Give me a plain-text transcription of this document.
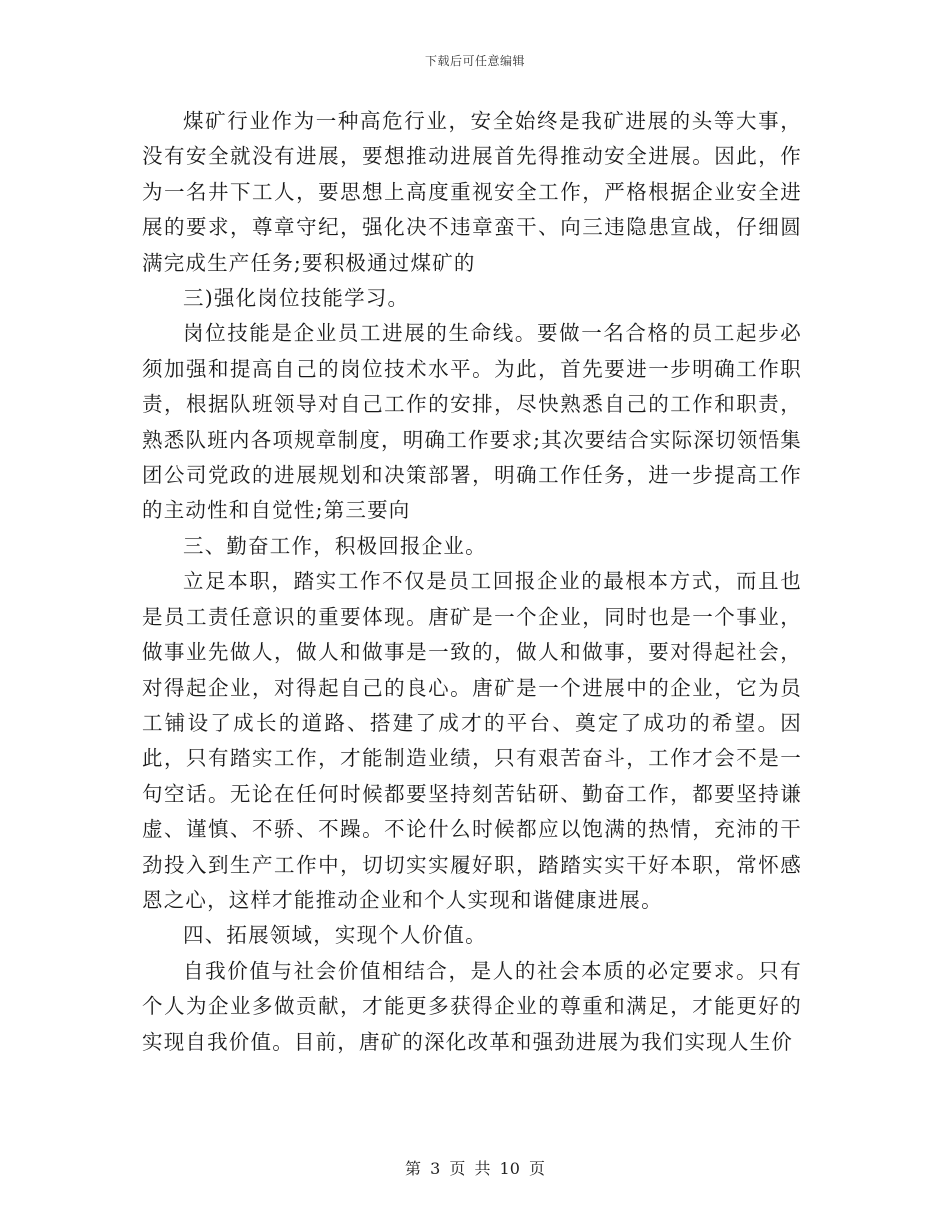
下载后可任意编辑

煤矿行业作为一种高危行业，安全始终是我矿进展的头等大事，没有安全就没有进展，要想推动进展首先得推动安全进展。因此，作为一名井下工人，要思想上高度重视安全工作，严格根据企业安全进展的要求，尊章守纪，强化决不违章蛮干、向三违隐患宣战，仔细圆满完成生产任务;要积极通过煤矿的

三)强化岗位技能学习。

岗位技能是企业员工进展的生命线。要做一名合格的员工起步必须加强和提高自己的岗位技术水平。为此，首先要进一步明确工作职责，根据队班领导对自己工作的安排，尽快熟悉自己的工作和职责，熟悉队班内各项规章制度，明确工作要求;其次要结合实际深切领悟集团公司党政的进展规划和决策部署，明确工作任务，进一步提高工作的主动性和自觉性;第三要向

三、勤奋工作，积极回报企业。

立足本职，踏实工作不仅是员工回报企业的最根本方式，而且也是员工责任意识的重要体现。唐矿是一个企业，同时也是一个事业，做事业先做人，做人和做事是一致的，做人和做事，要对得起社会，对得起企业，对得起自己的良心。唐矿是一个进展中的企业，它为员工铺设了成长的道路、搭建了成才的平台、奠定了成功的希望。因此，只有踏实工作，才能制造业绩，只有艰苦奋斗，工作才会不是一句空话。无论在任何时候都要坚持刻苦钻研、勤奋工作，都要坚持谦虚、谨慎、不骄、不躁。不论什么时候都应以饱满的热情，充沛的干劲投入到生产工作中，切切实实履好职，踏踏实实干好本职，常怀感恩之心，这样才能推动企业和个人实现和谐健康进展。

四、拓展领域，实现个人价值。

自我价值与社会价值相结合，是人的社会本质的必定要求。只有个人为企业多做贡献，才能更多获得企业的尊重和满足，才能更好的实现自我价值。目前，唐矿的深化改革和强劲进展为我们实现人生价

第 3 页 共 10 页
